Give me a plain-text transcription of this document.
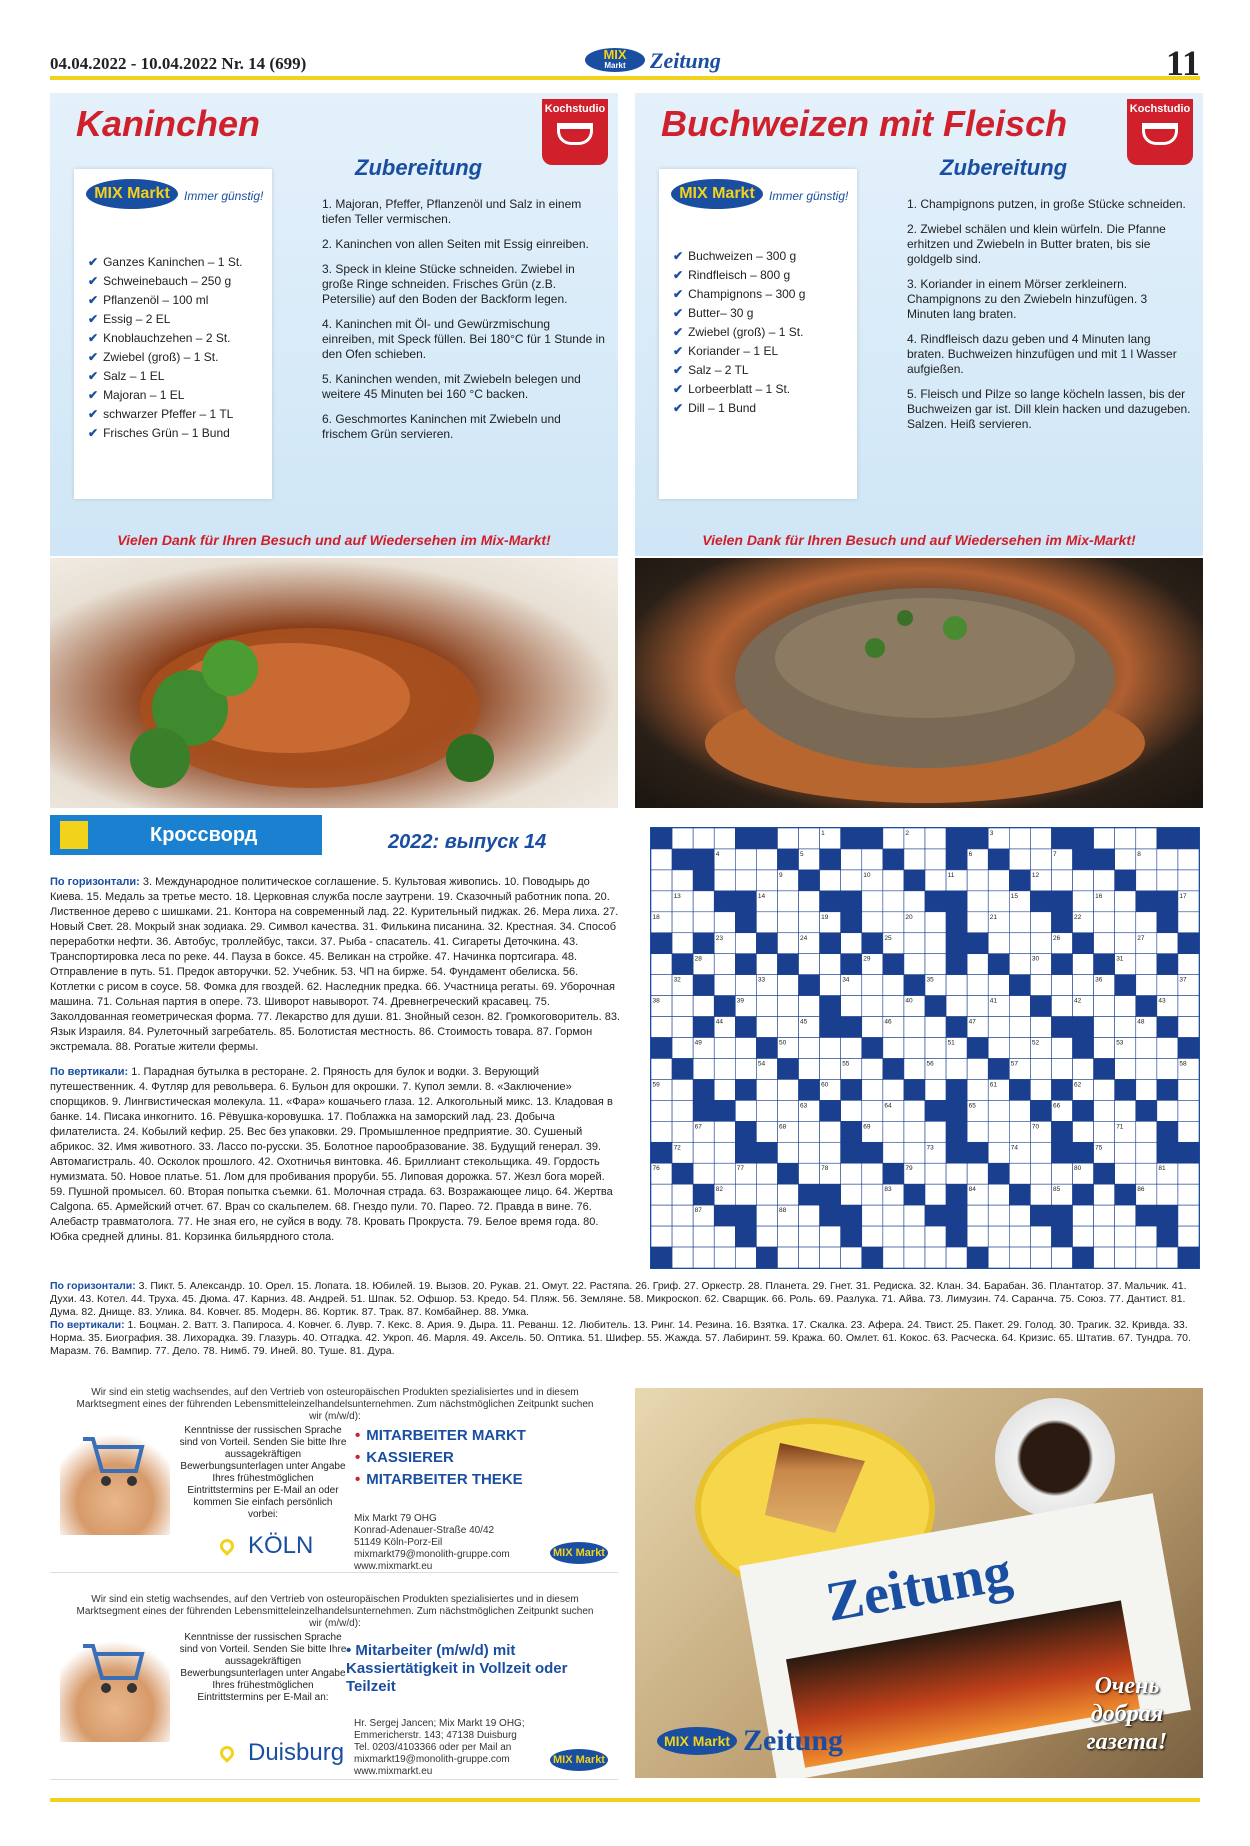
04.04.2022 - 10.04.2022 Nr. 14 (699)	MIX
Markt	Zeitung	11
Kaninchen	Kochstudio
Zubereitung
MIX Markt	Immer günstig!
✔ Ganzes Kaninchen – 1 St.
✔ Schweinebauch – 250 g
✔ Pflanzenöl – 100 ml
✔ Essig – 2 EL
✔ Knoblauchzehen – 2 St.
✔ Zwiebel (groß) – 1 St.
✔ Salz – 1 EL
✔ Majoran – 1 EL
✔ schwarzer Pfeffer – 1 TL
✔ Frisches Grün – 1 Bund

1. Majoran, Pfeffer, Pflanzenöl und Salz in einem tiefen Teller vermischen.

2. Kaninchen von allen Seiten mit Essig einreiben.

3. Speck in kleine Stücke schneiden. Zwiebel in große Ringe schneiden. Frisches Grün (z.B. Petersilie) auf den Boden der Backform legen.

4. Kaninchen mit Öl- und Gewürzmischung einreiben, mit Speck füllen. Bei 180°C für 1 Stunde in den Ofen schieben.

5. Kaninchen wenden, mit Zwiebeln belegen und weitere 45 Minuten bei 160 °C backen.

6. Geschmortes Kaninchen mit Zwiebeln und frischem Grün servieren.

Vielen Dank für Ihren Besuch und auf Wiedersehen im Mix-Markt!
Buchweizen mit Fleisch	Kochstudio
Zubereitung
MIX Markt	Immer günstig!
✔ Buchweizen – 300 g
✔ Rindfleisch – 800 g
✔ Champignons – 300 g
✔ Butter– 30 g
✔ Zwiebel (groß) – 1 St.
✔ Koriander – 1 EL
✔ Salz – 2 TL
✔ Lorbeerblatt – 1 St.
✔ Dill – 1 Bund

1. Champignons putzen, in große Stücke schneiden.

2. Zwiebel schälen und klein würfeln. Die Pfanne erhitzen und Zwiebeln in Butter braten, bis sie goldgelb sind.

3. Koriander in einem Mörser zerkleinern. Champignons zu den Zwiebeln hinzufügen. 3 Minuten lang braten.

4. Rindfleisch dazu geben und 4 Minuten lang braten. Buchweizen hinzufügen und mit 1 l Wasser aufgießen.

5. Fleisch und Pilze so lange köcheln lassen, bis der Buchweizen gar ist. Dill klein hacken und dazugeben. Salzen. Heiß servieren.

Vielen Dank für Ihren Besuch und auf Wiedersehen im Mix-Markt!
Кроссворд	2022: выпуск 14

По горизонтали: 3. Международное политическое соглашение. 5. Культовая живопись. 10. Поводырь до Киева. 15. Медаль за третье место. 18. Церковная служба после заутрени. 19. Сказочный работник попа. 20. Лиственное дерево с шишками. 21. Контора на современный лад. 22. Курительный пиджак. 26. Мера лиха. 27. Новый Свет. 28. Мокрый знак зодиака. 29. Символ качества. 31. Филькина писанина. 32. Крестная. 34. Способ переработки нефти. 36. Автобус, троллейбус, такси. 37. Рыба - спасатель. 41. Сигареты Деточкина. 43. Транспортировка леса по реке. 44. Пауза в боксе. 45. Великан на стройке. 47. Начинка портсигара. 48. Отправление в путь. 51. Предок авторучки. 52. Учебник. 53. ЧП на бирже. 54. Фундамент обелиска. 56. Котлетки с рисом в соусе. 58. Фомка для гвоздей. 62. Наследник предка. 66. Участница регаты. 69. Уборочная машина. 71. Сольная партия в опере. 73. Шиворот навыворот. 74. Древнегреческий красавец. 75. Заколдованная геометрическая форма. 77. Лекарство для души. 81. Знойный сезон. 82. Громкоговоритель. 83. Язык Израиля. 84. Рулеточный загребатель. 85. Болотистая местность. 86. Стоимость товара. 87. Гормон экстремала. 88. Рогатые жители фермы.

По вертикали: 1. Парадная бутылка в ресторане. 2. Пряность для булок и водки. 3. Верующий путешественник. 4. Футляр для револьвера. 6. Бульон для окрошки. 7. Купол земли. 8. «Заключение» спорщиков. 9. Лингвистическая молекула. 11. «Фара» кошачьего глаза. 12. Алкогольный микс. 13. Кладовая в банке. 14. Писака инкогнито. 16. Рёвушка-коровушка. 17. Поблажка на заморский лад. 23. Добыча филателиста. 24. Кобылий кефир. 25. Вес без упаковки. 29. Промышленное предприятие. 30. Сушеный абрикос. 32. Имя животного. 33. Лассо по-русски. 35. Болотное парообразование. 38. Будущий генерал. 39. Автомагистраль. 40. Осколок прошлого. 42. Охотничья винтовка. 46. Бриллиант стекольщика. 49. Гордость нумизмата. 50. Новое платье. 51. Лом для пробивания проруби. 55. Липовая дорожка. 57. Жезл бога морей. 59. Пушной промысел. 60. Вторая попытка съемки. 61. Молочная страда. 63. Возражающее лицо. 64. Жертва Calgona. 65. Армейский отчет. 67. Врач со скальпелем. 68. Гнездо пули. 70. Парео. 72. Правда в вине. 76. Алебастр травматолога. 77. Не зная его, не суйся в воду. 78. Кровать Прокруста. 79. Белое время года. 80. Юбка средней длины. 81. Корзинка бильярдного стола.

1	2	3
4	5	6	7	8
9	10	11	12
13	14	15	16	17
18	19	20	21	22
23	24	25	26	27
28	29	30	31
32	33	34	35	36	37
38	39	40	41	42	43
44	45	46	47	48
49	50	51	52	53
54	55	56	57	58
59	60	61	62
63	64	65	66
67	68	69	70	71
72	73	74	75
76	77	78	79	80	81
82	83	84	85	86
87	88

По горизонтали: 3. Пикт. 5. Александр. 10. Орел. 15. Лопата. 18. Юбилей. 19. Вызов. 20. Рукав. 21. Омут. 22. Растяпа. 26. Гриф. 27. Оркестр. 28. Планета. 29. Гнет. 31. Редиска. 32. Клан. 34. Барабан. 36. Плантатор. 37. Мальчик. 41. Духи. 43. Котел. 44. Труха. 45. Дюма. 47. Карниз. 48. Андрей. 51. Шпак. 52. Офшор. 53. Кредо. 54. Пляж. 56. Земляне. 58. Микроскоп. 62. Сварщик. 66. Роль. 69. Разлука. 71. Айва. 73. Лимузин. 74. Саранча. 75. Союз. 77. Дантист. 81. Дума. 82. Днище. 83. Улика. 84. Ковчег. 85. Модерн. 86. Кортик. 87. Трак. 87. Комбайнер. 88. Умка.

По вертикали: 1. Боцман. 2. Ватт. 3. Папироса. 4. Ковчег. 6. Лувр. 7. Кекс. 8. Ария. 9. Дыра. 11. Реванш. 12. Любитель. 13. Ринг. 14. Резина. 16. Взятка. 17. Скалка. 23. Афера. 24. Твист. 25. Пакет. 29. Голод. 30. Трагик. 32. Кривда. 33. Норма. 35. Биография. 38. Лихорадка. 39. Глазурь. 40. Отгадка. 42. Укроп. 46. Марля. 49. Аксель. 50. Оптика. 51. Шифер. 55. Жажда. 57. Лабиринт. 59. Кража. 60. Омлет. 61. Кокос. 63. Расческа. 64. Кризис. 65. Штатив. 67. Тундра. 70. Маразм. 76. Вампир. 77. Дело. 78. Нимб. 79. Иней. 80. Туше. 81. Дура.

Wir sind ein stetig wachsendes, auf den Vertrieb von osteuropäischen Produkten spezialisiertes und in diesem Marktsegment eines der führenden Lebensmitteleinzelhandelsunternehmen. Zum nächstmöglichen Zeitpunkt suchen wir (m/w/d):
Kenntnisse der russischen Sprache sind von Vorteil. Senden Sie bitte Ihre aussagekräftigen Bewerbungsunterlagen unter Angabe Ihres frühestmöglichen Eintrittstermins per E-Mail an oder kommen Sie einfach persönlich vorbei:
• MITARBEITER MARKT
• KASSIERER
• MITARBEITER THEKE
Mix Markt 79 OHG
Konrad-Adenauer-Straße 40/42
51149 Köln-Porz-Eil
mixmarkt79@monolith-gruppe.com
www.mixmarkt.eu
KÖLN	MIX Markt
Wir sind ein stetig wachsendes, auf den Vertrieb von osteuropäischen Produkten spezialisiertes und in diesem Marktsegment eines der führenden Lebensmitteleinzelhandelsunternehmen. Zum nächstmöglichen Zeitpunkt suchen wir (m/w/d):
Kenntnisse der russischen Sprache sind von Vorteil. Senden Sie bitte Ihre aussagekräftigen Bewerbungsunterlagen unter Angabe Ihres frühestmöglichen Eintrittstermins per E-Mail an:
• Mitarbeiter (m/w/d) mit Kassiertätigkeit in Vollzeit oder Teilzeit
Hr. Sergej Jancen; Mix Markt 19 OHG;
Emmericherstr. 143; 47138 Duisburg
Tel. 0203/4103366 oder per Mail an
mixmarkt19@monolith-gruppe.com
www.mixmarkt.eu
Duisburg	MIX Markt
Zeitung
MIX Markt Zeitung
Очень добрая газета!
